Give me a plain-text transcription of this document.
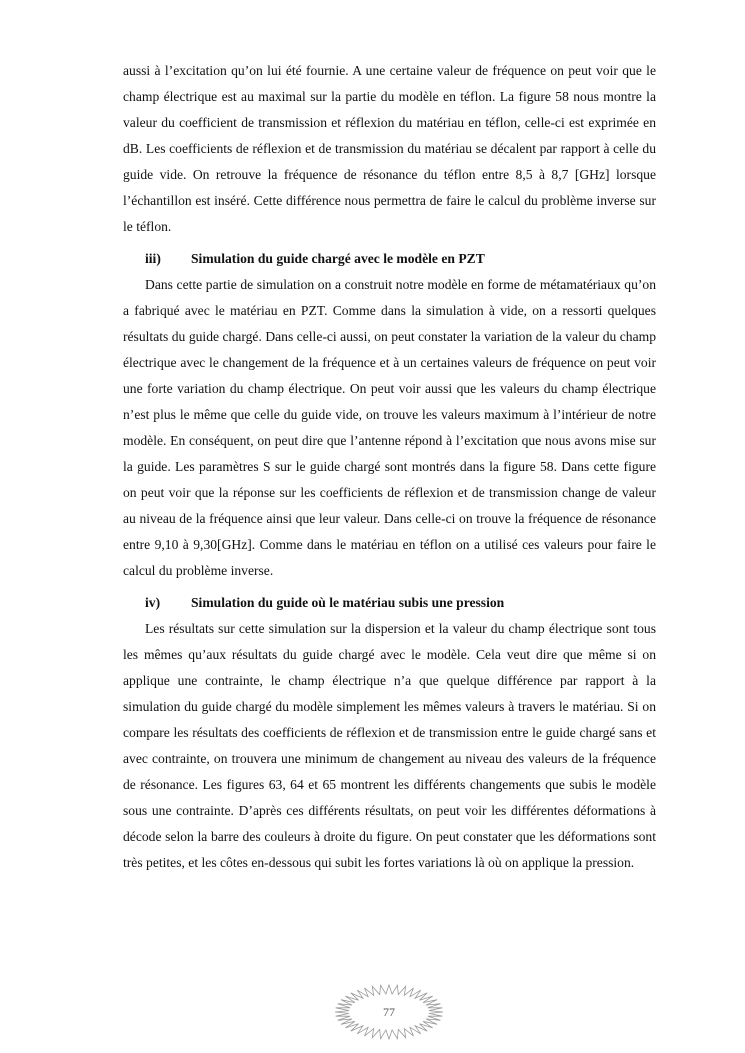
aussi à l’excitation qu’on lui été fournie. A une certaine valeur de fréquence on peut voir que le champ électrique est au maximal sur la partie du modèle en téflon. La figure 58 nous montre la valeur du coefficient de transmission et réflexion du matériau en téflon, celle-ci est exprimée en dB. Les coefficients de réflexion et de transmission du matériau se décalent par rapport à celle du guide vide. On retrouve la fréquence de résonance du téflon entre 8,5 à 8,7 [GHz] lorsque l’échantillon est inséré. Cette différence nous permettra de faire le calcul du problème inverse sur le téflon.

iii)	Simulation du guide chargé avec le modèle en PZT

Dans cette partie de simulation on a construit notre modèle en forme de métamatériaux qu’on a fabriqué avec le matériau en PZT. Comme dans la simulation à vide, on a ressorti quelques résultats du guide chargé. Dans celle-ci aussi, on peut constater la variation de la valeur du champ électrique avec le changement de la fréquence et à un certaines valeurs de fréquence on peut voir une forte variation du champ électrique. On peut voir aussi que les valeurs du champ électrique n’est plus le même que celle du guide vide, on trouve les valeurs maximum à l’intérieur de notre modèle. En conséquent, on peut dire que l’antenne répond à l’excitation que nous avons mise sur la guide. Les paramètres S sur le guide chargé sont montrés dans la figure 58. Dans cette figure on peut voir que la réponse sur les coefficients de réflexion et de transmission change de valeur au niveau de la fréquence ainsi que leur valeur. Dans celle-ci on trouve la fréquence de résonance entre 9,10 à 9,30[GHz]. Comme dans le matériau en téflon on a utilisé ces valeurs pour faire le calcul du problème inverse.

iv)	Simulation du guide où le matériau subis une pression

Les résultats sur cette simulation sur la dispersion et la valeur du champ électrique sont tous les mêmes qu’aux résultats du guide chargé avec le modèle. Cela veut dire que même si on applique une contrainte, le champ électrique n’a que quelque différence par rapport à la simulation du guide chargé du modèle simplement les mêmes valeurs à travers le matériau. Si on compare les résultats des coefficients de réflexion et de transmission entre le guide chargé sans et avec contrainte, on trouvera une minimum de changement au niveau des valeurs de la fréquence de résonance. Les figures 63, 64 et 65 montrent les différents changements que subis le modèle sous une contrainte. D’après ces différents résultats, on peut voir les différentes déformations à décode selon la barre des couleurs à droite du figure. On peut constater que les déformations sont très petites, et les côtes en-dessous qui subit les fortes variations là où on applique la pression.

77
